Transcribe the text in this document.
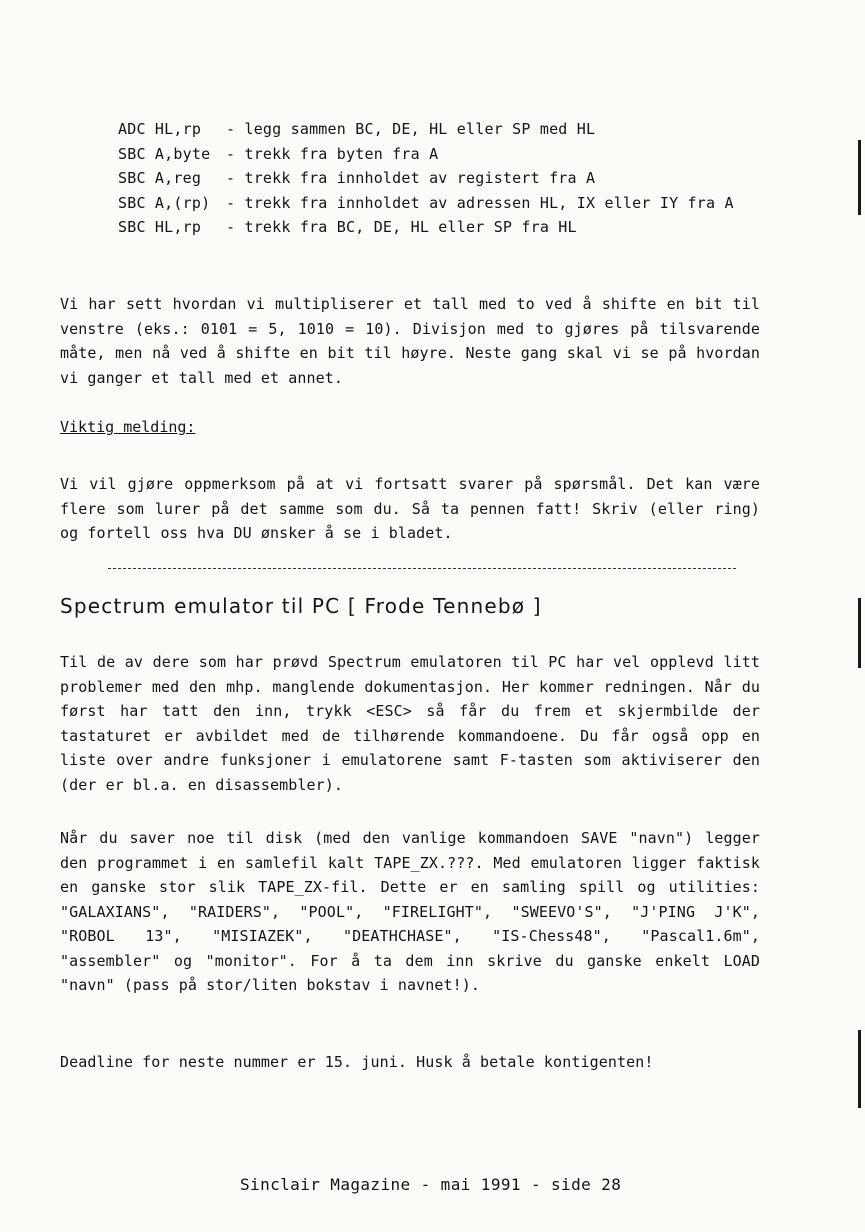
ADC HL,rp - legg sammen BC, DE, HL eller SP med HL
SBC A,byte - trekk fra byten fra A
SBC A,reg - trekk fra innholdet av registert fra A
SBC A,(rp) - trekk fra innholdet av adressen HL, IX eller IY fra A
SBC HL,rp - trekk fra BC, DE, HL eller SP fra HL
Vi har sett hvordan vi multipliserer et tall med to ved å shifte en bit til venstre (eks.: 0101 = 5, 1010 = 10). Divisjon med to gjøres på tilsvarende måte, men nå ved å shifte en bit til høyre. Neste gang skal vi se på hvordan vi ganger et tall med et annet.
Viktig melding:
Vi vil gjøre oppmerksom på at vi fortsatt svarer på spørsmål. Det kan være flere som lurer på det samme som du. Så ta pennen fatt! Skriv (eller ring) og fortell oss hva DU ønsker å se i bladet.
Spectrum emulator til PC [ Frode Tennebø ]
Til de av dere som har prøvd Spectrum emulatoren til PC har vel opplevd litt problemer med den mhp. manglende dokumentasjon. Her kommer redningen. Når du først har tatt den inn, trykk <ESC> så får du frem et skjermbilde der tastaturet er avbildet med de tilhørende kommandoene. Du får også opp en liste over andre funksjoner i emulatorene samt F-tasten som aktiviserer den (der er bl.a. en disassembler).
Når du saver noe til disk (med den vanlige kommandoen SAVE "navn") legger den programmet i en samlefil kalt TAPE_ZX.???. Med emulatoren ligger faktisk en ganske stor slik TAPE_ZX-fil. Dette er en samling spill og utilities: "GALAXIANS", "RAIDERS", "POOL", "FIRELIGHT", "SWEEVO'S", "J'PING J'K", "ROBOL 13", "MISIAZEK", "DEATHCHASE", "IS-Chess48", "Pascal1.6m", "assembler" og "monitor". For å ta dem inn skrive du ganske enkelt LOAD "navn" (pass på stor/liten bokstav i navnet!).
Deadline for neste nummer er 15. juni. Husk å betale kontigenten!
Sinclair Magazine - mai 1991 - side 28
